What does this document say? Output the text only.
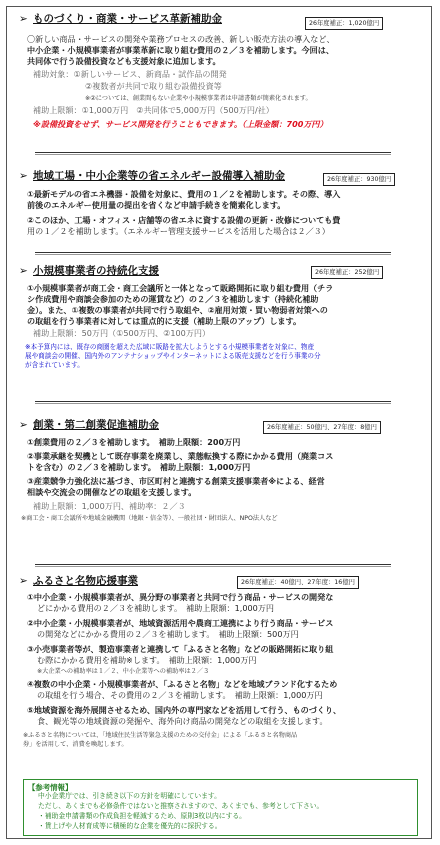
➢ ものづくり・商業・サービス革新補助金	26年度補正：1,020億円
〇新しい商品・サービスの開発や業務プロセスの改善、新しい販売方法の導入など、
中小企業・小規模事業者が事業革新に取り組む費用の２／３を補助します。今回は、
共同体で行う設備投資なども支援対象に追加します。
補助対象：①新しいサービス、新商品・試作品の開発
②複数者が共同で取り組む設備投資等
※②については、創業間もない企業や小規模事業者は申請書類が簡素化されます。
補助上限額：①1,000万円　②共同体で5,000万円（500万円/社）
※設備投資をせず、サービス開発を行うこともできます。（上限金額：700万円）
➢ 地域工場・中小企業等の省エネルギー設備導入補助金	26年度補正：930億円
①最新モデルの省エネ機器・設備を対象に、費用の１／２を補助します。その際、導入
前後のエネルギー使用量の提出を省くなど申請手続きを簡素化します。
②このほか、工場・オフィス・店舗等の省エネに資する設備の更新・改修についても費
用の１／２を補助します。（エネルギー管理支援サービスを活用した場合は２／３）
➢ 小規模事業者の持続化支援	26年度補正：252億円
①小規模事業者が商工会・商工会議所と一体となって販路開拓に取り組む費用（チラ
シ作成費用や商談会参加のための運賃など）の２／３を補助します（持続化補助
金）。また、①複数の事業者が共同で行う取組や、②雇用対策・買い物弱者対策への
の取組を行う事業者に対しては重点的に支援（補助上限のアップ）します。
補助上限額：50万円（①500万円、②100万円）
※本予算内には、既存の商圏を超えた広域に販路を拡大しようとする小規模事業者を対象に、物産
展や商談会の開催、国内外のアンテナショップやインターネットによる販売支援などを行う事業の分
が含まれています。
➢ 創業・第二創業促進補助金	26年度補正：50億円、27年度：8億円
①創業費用の２／３を補助します。　補助上限額：200万円
②事業承継を契機として既存事業を廃業し、業態転換する際にかかる費用（廃業コス
トを含む）の２／３を補助します。　補助上限額：1,000万円
③産業競争力強化法に基づき、市区町村と連携する創業支援事業者※による、経営
相談や交流会の開催などの取組を支援します。
補助上限額：1,000万円、補助率：２／３
※商工会・商工会議所や地域金融機関（地銀・信金等）、一般社団・財団法人、NPO法人など
➢ ふるさと名物応援事業	26年度補正：40億円、27年度：16億円
①中小企業・小規模事業者が、異分野の事業者と共同で行う商品・サービスの開発な
どにかかる費用の２／３を補助します。　補助上限額：1,000万円
②中小企業・小規模事業者が、地域資源活用や農商工連携により行う商品・サービス
の開発などにかかる費用の２／３を補助します。　補助上限額：500万円
③小売事業者等が、製造事業者と連携して「ふるさと名物」などの販路開拓に取り組
む際にかかる費用を補助※します。　補助上限額：1,000万円
※大企業への補助率は１／２、中小企業等への補助率は２／３
④複数の中小企業・小規模事業者が、「ふるさと名物」などを地域ブランド化するため
の取組を行う場合、その費用の２／３を補助します。　補助上限額：1,000万円
⑤地域資源を海外展開させるため、国内外の専門家などを活用して行う、ものづくり、
食、観光等の地域資源の発掘や、海外向け商品の開発などの取組を支援します。
※ふるさと名物については、「地域住民生活等緊急支援のための交付金」による「ふるさと名物商品
券」を活用して、消費を喚起します。
【参考情報】
中小企業庁では、引き続き以下の方針を明確にしています。
ただし、あくまでも必修条件ではないと推察されますので、あくまでも、参考として下さい。
・補助金申請書類の作成負担を軽減するため、原則3枚以内にする。
・賃上げや人材育成等に積極的な企業を優先的に採択する。
